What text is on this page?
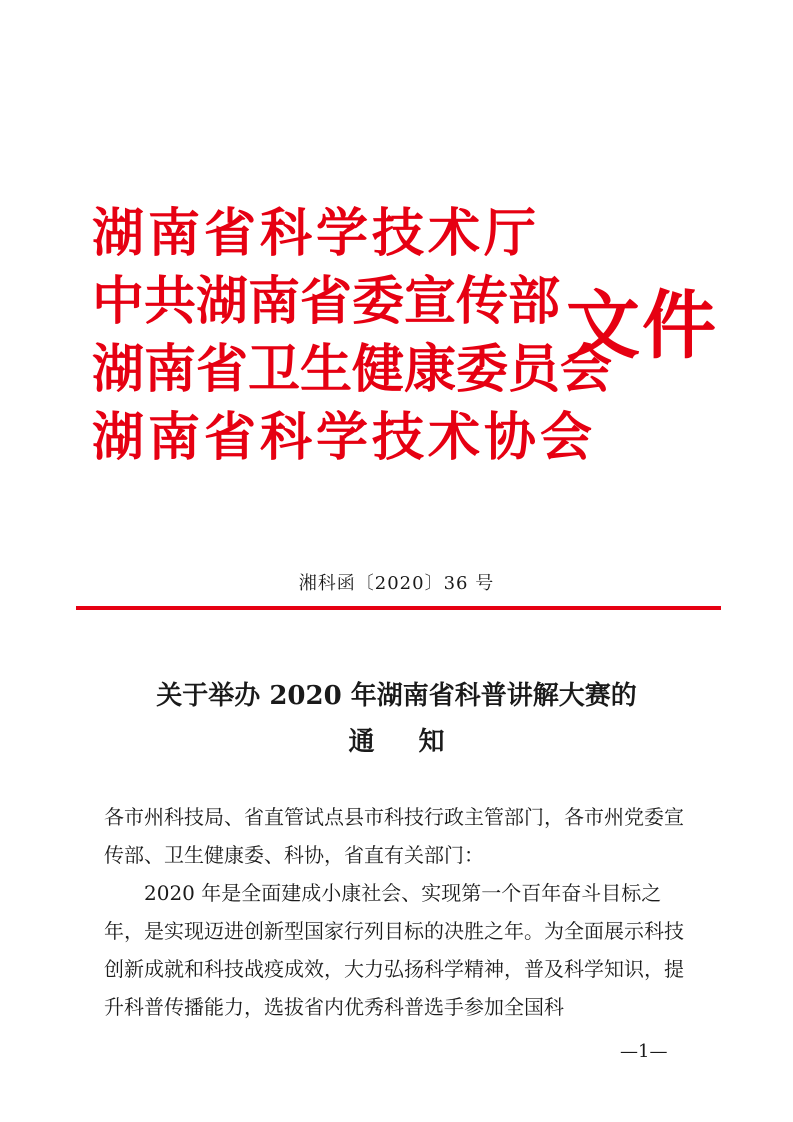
湖南省科学技术厅
中共湖南省委宣传部
湖南省卫生健康委员会
湖南省科学技术协会
文件
湘科函〔2020〕36 号
关于举办 2020 年湖南省科普讲解大赛的
通知

各市州科技局、省直管试点县市科技行政主管部门，各市州党委宣传部、卫生健康委、科协，省直有关部门：

2020 年是全面建成小康社会、实现第一个百年奋斗目标之年，是实现迈进创新型国家行列目标的决胜之年。为全面展示科技创新成就和科技战疫成效，大力弘扬科学精神，普及科学知识，提升科普传播能力，选拔省内优秀科普选手参加全国科

—1—
